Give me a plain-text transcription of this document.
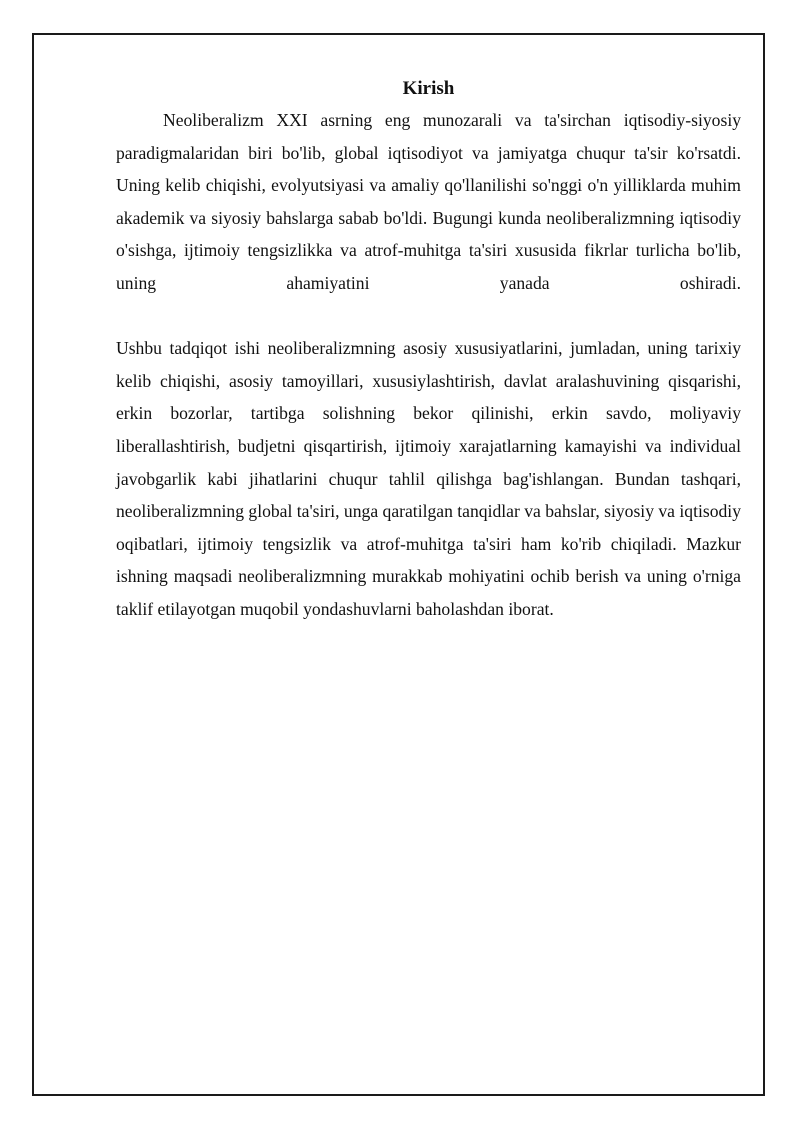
Kirish

Neoliberalizm XXI asrning eng munozarali va ta'sirchan iqtisodiy-siyosiy paradigmalaridan biri bo'lib, global iqtisodiyot va jamiyatga chuqur ta'sir ko'rsatdi. Uning kelib chiqishi, evolyutsiyasi va amaliy qo'llanilishi so'nggi o'n yilliklarda muhim akademik va siyosiy bahslarga sabab bo'ldi. Bugungi kunda neoliberalizmning iqtisodiy o'sishga, ijtimoiy tengsizlikka va atrof-muhitga ta'siri xususida fikrlar turlicha bo'lib, uning ahamiyatini yanada oshiradi.

Ushbu tadqiqot ishi neoliberalizmning asosiy xususiyatlarini, jumladan, uning tarixiy kelib chiqishi, asosiy tamoyillari, xususiylashtirish, davlat aralashuvining qisqarishi, erkin bozorlar, tartibga solishning bekor qilinishi, erkin savdo, moliyaviy liberallashtirish, budjetni qisqartirish, ijtimoiy xarajatlarning kamayishi va individual javobgarlik kabi jihatlarini chuqur tahlil qilishga bag'ishlangan. Bundan tashqari, neoliberalizmning global ta'siri, unga qaratilgan tanqidlar va bahslar, siyosiy va iqtisodiy oqibatlari, ijtimoiy tengsizlik va atrof-muhitga ta'siri ham ko'rib chiqiladi. Mazkur ishning maqsadi neoliberalizmning murakkab mohiyatini ochib berish va uning o'rniga taklif etilayotgan muqobil yondashuvlarni baholashdan iborat.
